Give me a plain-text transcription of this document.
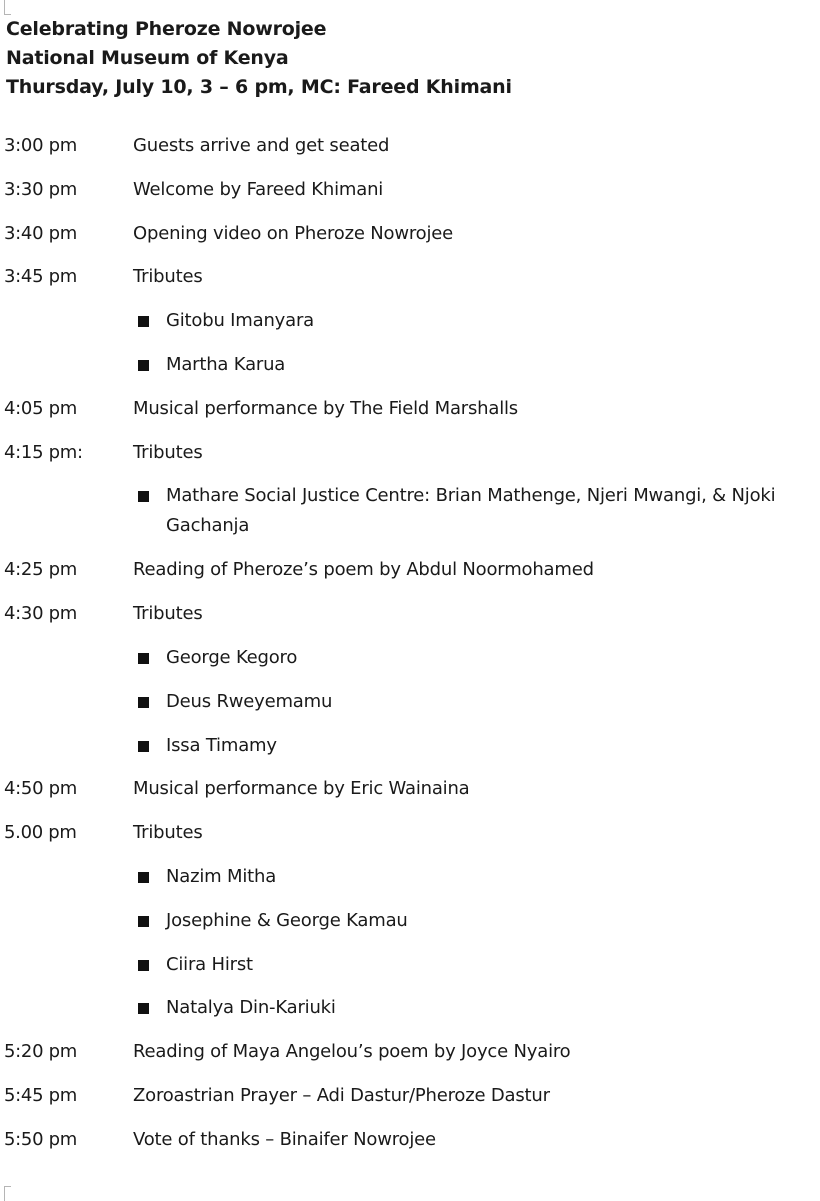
Celebrating Pheroze Nowrojee
National Museum of Kenya
Thursday, July 10, 3 – 6 pm, MC: Fareed Khimani
3:00 pm	Guests arrive and get seated
3:30 pm	Welcome by Fareed Khimani
3:40 pm	Opening video on Pheroze Nowrojee
3:45 pm	Tributes
Gitobu Imanyara
Martha Karua
4:05 pm	Musical performance by The Field Marshalls
4:15 pm:	Tributes
Mathare Social Justice Centre: Brian Mathenge, Njeri Mwangi, & Njoki Gachanja
4:25 pm	Reading of Pheroze’s poem by Abdul Noormohamed
4:30 pm	Tributes
George Kegoro
Deus Rweyemamu
Issa Timamy
4:50 pm	Musical performance by Eric Wainaina
5.00 pm	Tributes
Nazim Mitha
Josephine & George Kamau
Ciira Hirst
Natalya Din-Kariuki
5:20 pm	Reading of Maya Angelou’s poem by Joyce Nyairo
5:45 pm	Zoroastrian Prayer – Adi Dastur/Pheroze Dastur
5:50 pm	Vote of thanks – Binaifer Nowrojee
